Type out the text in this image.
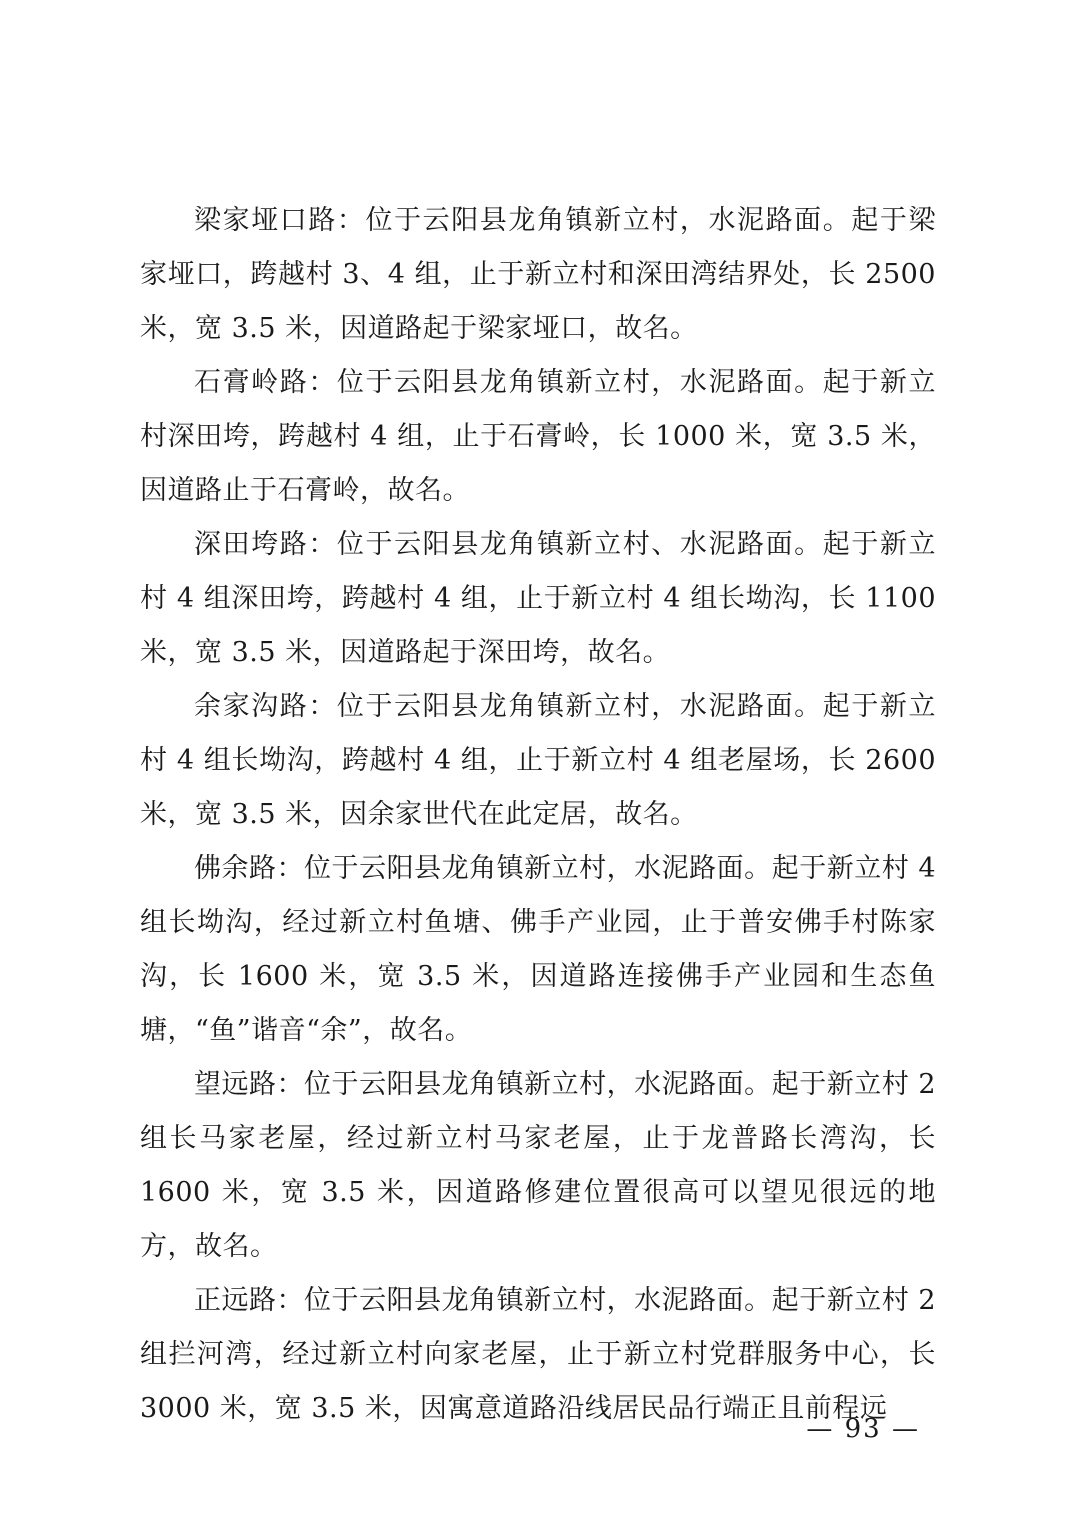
梁家垭口路：位于云阳县龙角镇新立村，水泥路面。起于梁家垭口，跨越村 3、4 组，止于新立村和深田湾结界处，长 2500 米，宽 3.5 米，因道路起于梁家垭口，故名。

石膏岭路：位于云阳县龙角镇新立村，水泥路面。起于新立村深田垮，跨越村 4 组，止于石膏岭，长 1000 米，宽 3.5 米，因道路止于石膏岭，故名。

深田垮路：位于云阳县龙角镇新立村、水泥路面。起于新立村 4 组深田垮，跨越村 4 组，止于新立村 4 组长坳沟，长 1100 米，宽 3.5 米，因道路起于深田垮，故名。

余家沟路：位于云阳县龙角镇新立村，水泥路面。起于新立村 4 组长坳沟，跨越村 4 组，止于新立村 4 组老屋场，长 2600 米，宽 3.5 米，因余家世代在此定居，故名。

佛余路：位于云阳县龙角镇新立村，水泥路面。起于新立村 4 组长坳沟，经过新立村鱼塘、佛手产业园，止于普安佛手村陈家沟，长 1600 米，宽 3.5 米，因道路连接佛手产业园和生态鱼塘，“鱼”谐音“余”，故名。

望远路：位于云阳县龙角镇新立村，水泥路面。起于新立村 2 组长马家老屋，经过新立村马家老屋，止于龙普路长湾沟，长 1600 米，宽 3.5 米，因道路修建位置很高可以望见很远的地方，故名。

正远路：位于云阳县龙角镇新立村，水泥路面。起于新立村 2 组拦河湾，经过新立村向家老屋，止于新立村党群服务中心，长 3000 米，宽 3.5 米，因寓意道路沿线居民品行端正且前程远

— 93 —
